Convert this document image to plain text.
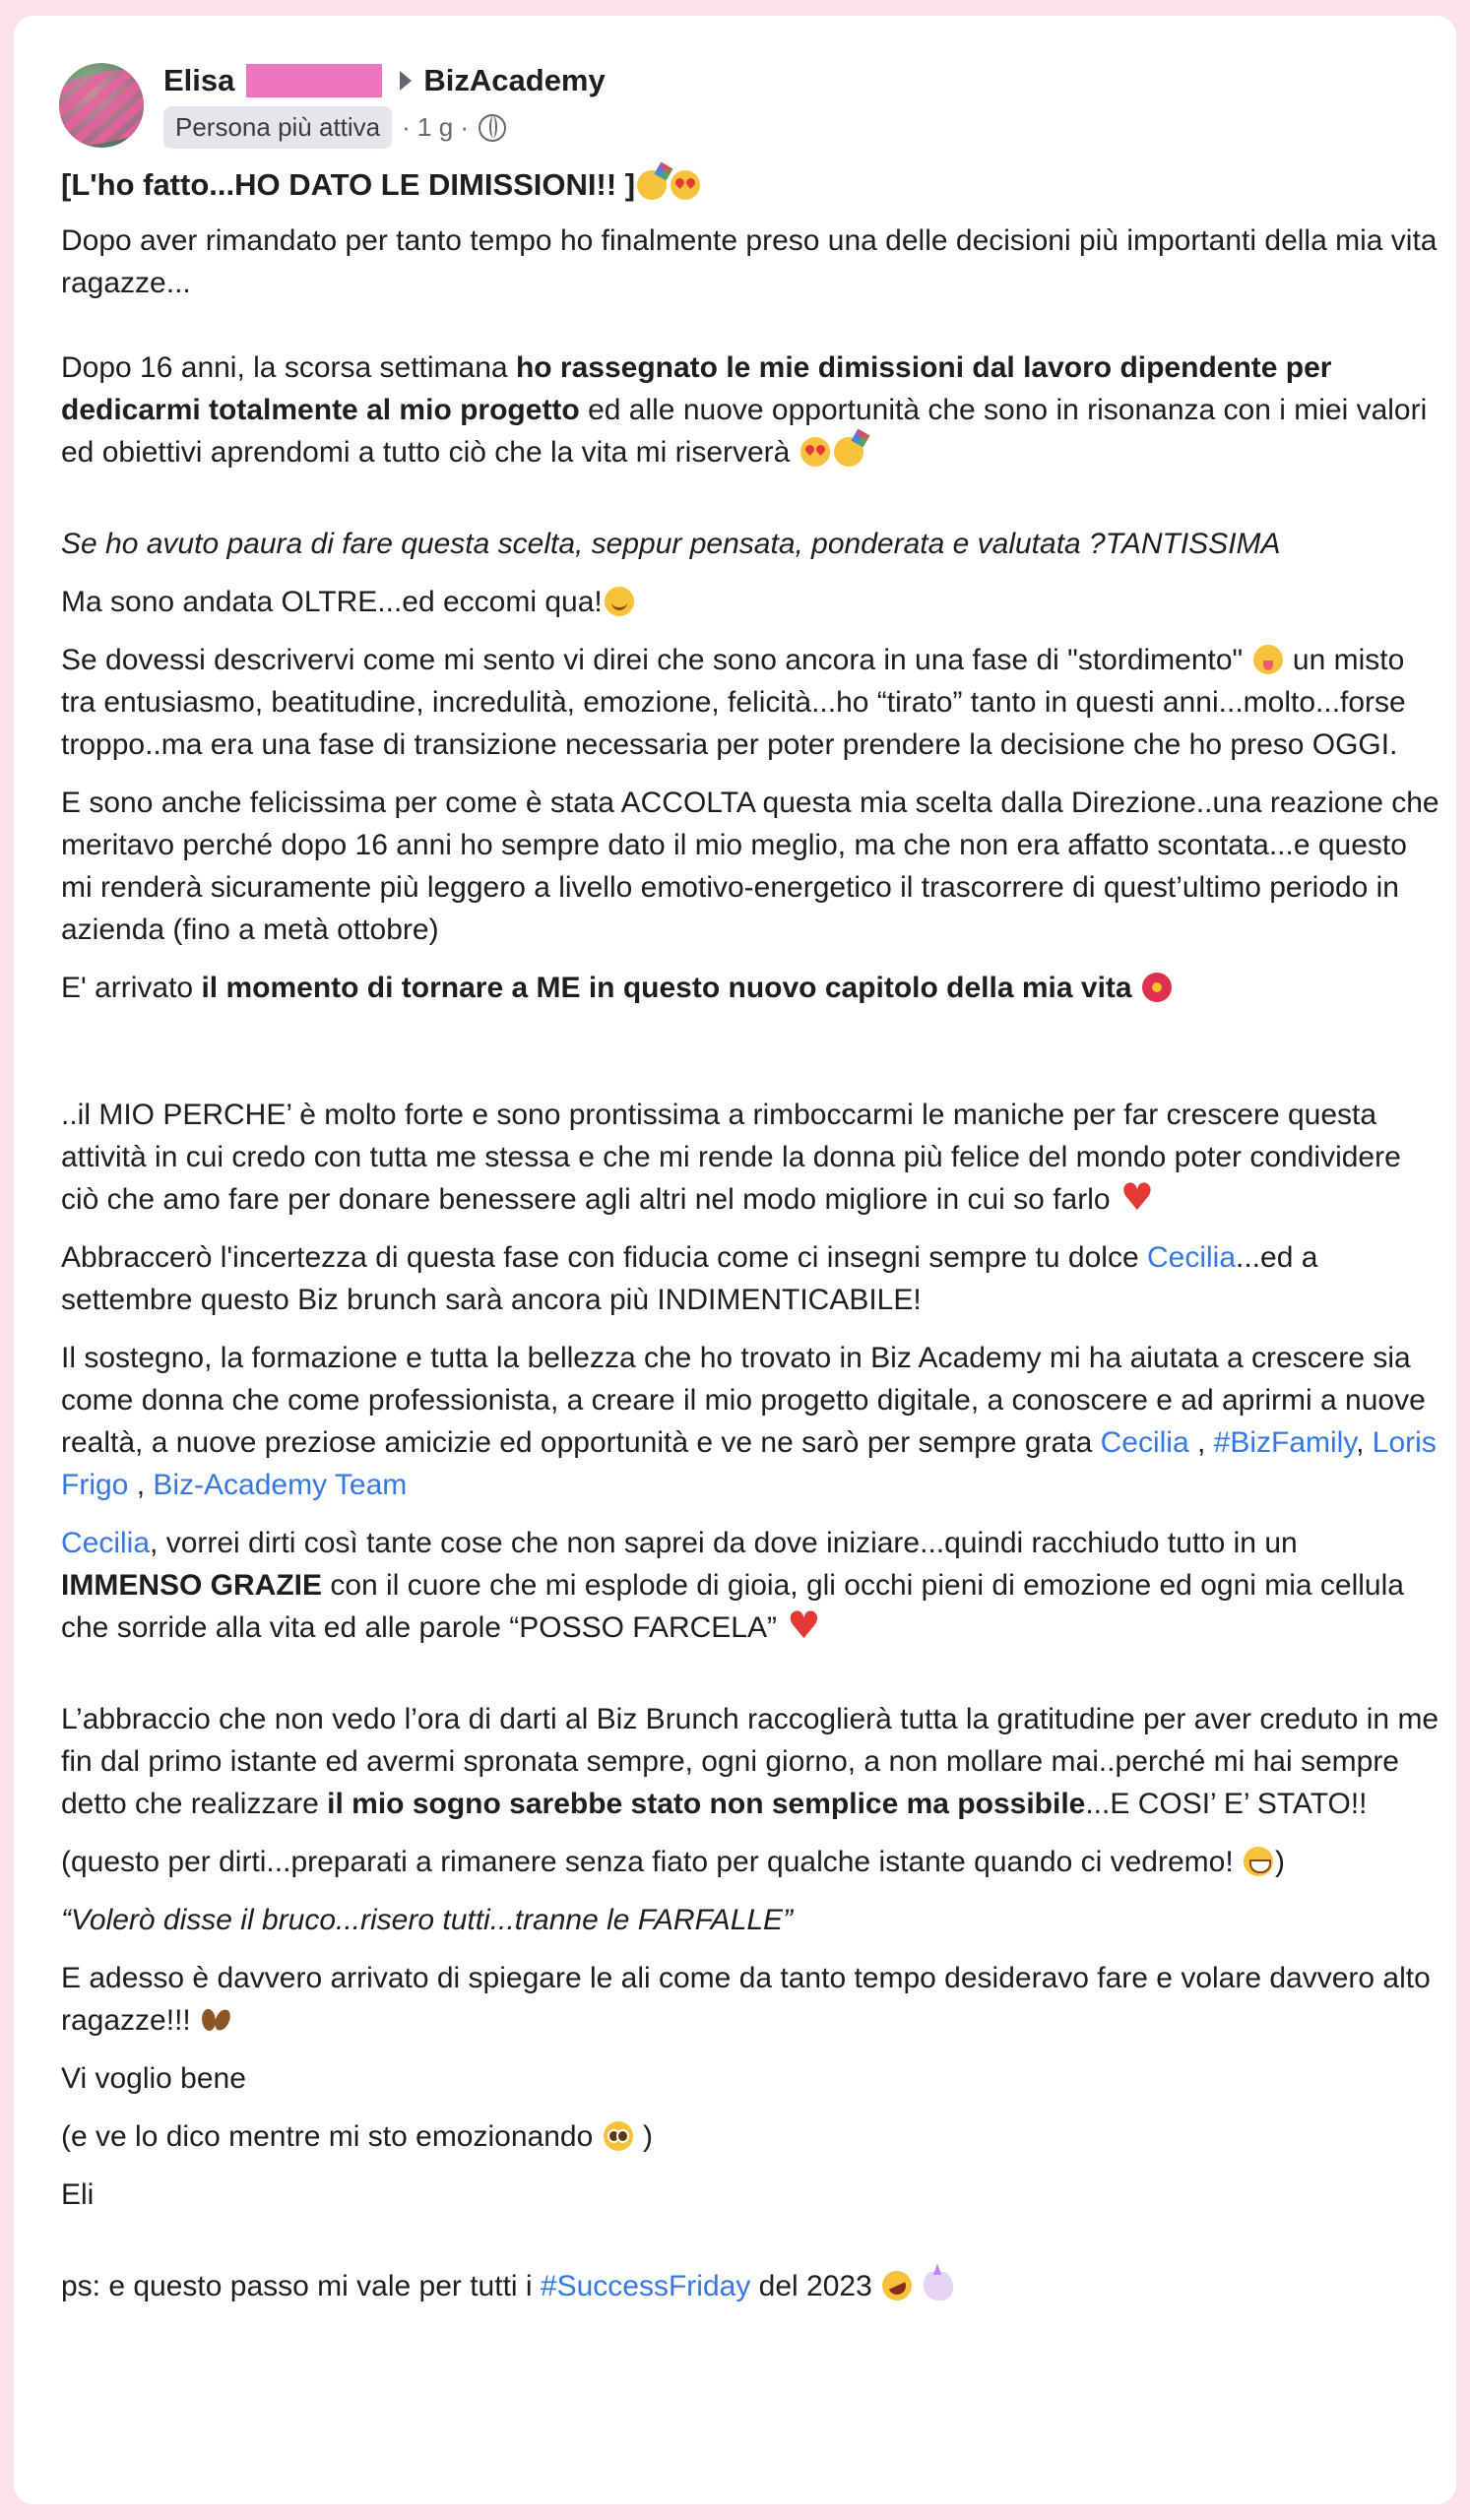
Elisa	BizAcademy
Persona più attiva · 1 g ·

[L'ho fatto...HO DATO LE DIMISSIONI!! ]

Dopo aver rimandato per tanto tempo ho finalmente preso una delle decisioni più importanti della mia vita ragazze...

Dopo 16 anni, la scorsa settimana ho rassegnato le mie dimissioni dal lavoro dipendente per dedicarmi totalmente al mio progetto ed alle nuove opportunità che sono in risonanza con i miei valori ed obiettivi aprendomi a tutto ciò che la vita mi riserverà

Se ho avuto paura di fare questa scelta, seppur pensata, ponderata e valutata ?TANTISSIMA

Ma sono andata OLTRE...ed eccomi qua!

Se dovessi descrivervi come mi sento vi direi che sono ancora in una fase di "stordimento"  un misto tra entusiasmo, beatitudine, incredulità, emozione, felicità...ho “tirato” tanto in questi anni...molto...forse troppo..ma era una fase di transizione necessaria per poter prendere la decisione che ho preso OGGI.

E sono anche felicissima per come è stata ACCOLTA questa mia scelta dalla Direzione..una reazione che meritavo perché dopo 16 anni ho sempre dato il mio meglio, ma che non era affatto scontata...e questo mi renderà sicuramente più leggero a livello emotivo-energetico il trascorrere di quest’ultimo periodo in azienda (fino a metà ottobre)

E' arrivato il momento di tornare a ME in questo nuovo capitolo della mia vita

..il MIO PERCHE’ è molto forte e sono prontissima a rimboccarmi le maniche per far crescere questa attività in cui credo con tutta me stessa e che mi rende la donna più felice del mondo poter condividere ciò che amo fare per donare benessere agli altri nel modo migliore in cui so farlo ♥

Abbraccerò l'incertezza di questa fase con fiducia come ci insegni sempre tu dolce Cecilia...ed a settembre questo Biz brunch sarà ancora più INDIMENTICABILE!

Il sostegno, la formazione e tutta la bellezza che ho trovato in Biz Academy mi ha aiutata a crescere sia come donna che come professionista, a creare il mio progetto digitale, a conoscere e ad aprirmi a nuove realtà, a nuove preziose amicizie ed opportunità e ve ne sarò per sempre grata Cecilia , #BizFamily, Loris Frigo , Biz-Academy Team

Cecilia, vorrei dirti così tante cose che non saprei da dove iniziare...quindi racchiudo tutto in un IMMENSO GRAZIE con il cuore che mi esplode di gioia, gli occhi pieni di emozione ed ogni mia cellula che sorride alla vita ed alle parole “POSSO FARCELA” ♥

L’abbraccio che non vedo l’ora di darti al Biz Brunch raccoglierà tutta la gratitudine per aver creduto in me fin dal primo istante ed avermi spronata sempre, ogni giorno, a non mollare mai..perché mi hai sempre detto che realizzare il mio sogno sarebbe stato non semplice ma possibile...E COSI’ E’ STATO!!

(questo per dirti...preparati a rimanere senza fiato per qualche istante quando ci vedremo! )

“Volerò disse il bruco...risero tutti...tranne le FARFALLE”

E adesso è davvero arrivato di spiegare le ali come da tanto tempo desideravo fare e volare davvero alto ragazze!!!

Vi voglio bene

(e ve lo dico mentre mi sto emozionando  )

Eli

ps: e questo passo mi vale per tutti i #SuccessFriday del 2023
